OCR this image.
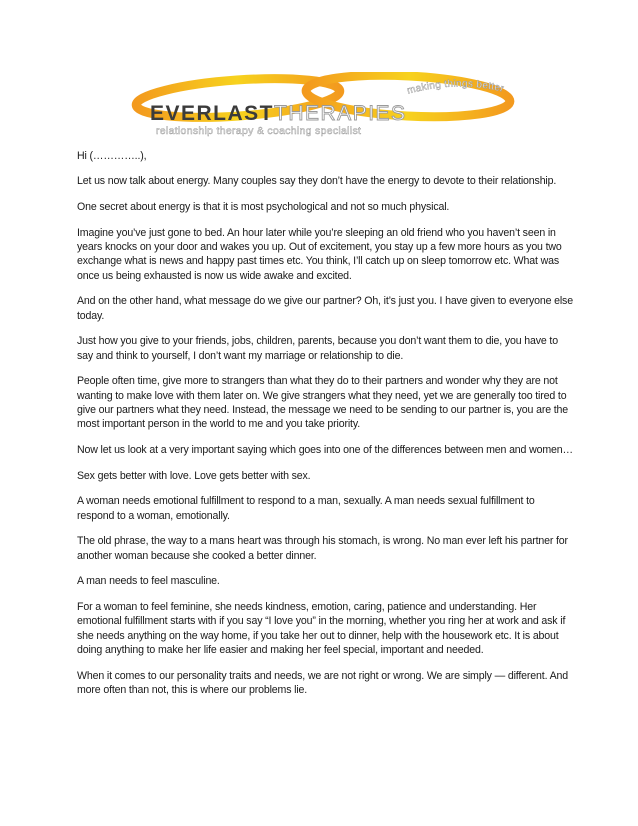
EVERLASTTHERAPIES
relationship therapy & coaching specialist
making things better

Hi (…………..),

Let us now talk about energy. Many couples say they don’t have the energy to devote to their relationship.

One secret about energy is that it is most psychological and not so much physical.

Imagine you’ve just gone to bed. An hour later while you’re sleeping an old friend who you haven’t seen in years knocks on your door and wakes you up. Out of excitement, you stay up a few more hours as you two exchange what is news and happy past times etc. You think, I’ll catch up on sleep tomorrow etc. What was once us being exhausted is now us wide awake and excited.

And on the other hand, what message do we give our partner? Oh, it’s just you. I have given to everyone else today.

Just how you give to your friends, jobs, children, parents, because you don’t want them to die, you have to say and think to yourself, I don’t want my marriage or relationship to die.

People often time, give more to strangers than what they do to their partners and wonder why they are not wanting to make love with them later on. We give strangers what they need, yet we are generally too tired to give our partners what they need. Instead, the message we need to be sending to our partner is, you are the most important person in the world to me and you take priority.

Now let us look at a very important saying which goes into one of the differences between men and women…

Sex gets better with love. Love gets better with sex.

A woman needs emotional fulfillment to respond to a man, sexually. A man needs sexual fulfillment to respond to a woman, emotionally.

The old phrase, the way to a mans heart was through his stomach, is wrong. No man ever left his partner for another woman because she cooked a better dinner.

A man needs to feel masculine.

For a woman to feel feminine, she needs kindness, emotion, caring, patience and understanding. Her emotional fulfillment starts with if you say “I love you” in the morning, whether you ring her at work and ask if she needs anything on the way home, if you take her out to dinner, help with the housework etc. It is about doing anything to make her life easier and making her feel special, important and needed.

When it comes to our personality traits and needs, we are not right or wrong. We are simply — different. And more often than not, this is where our problems lie.
